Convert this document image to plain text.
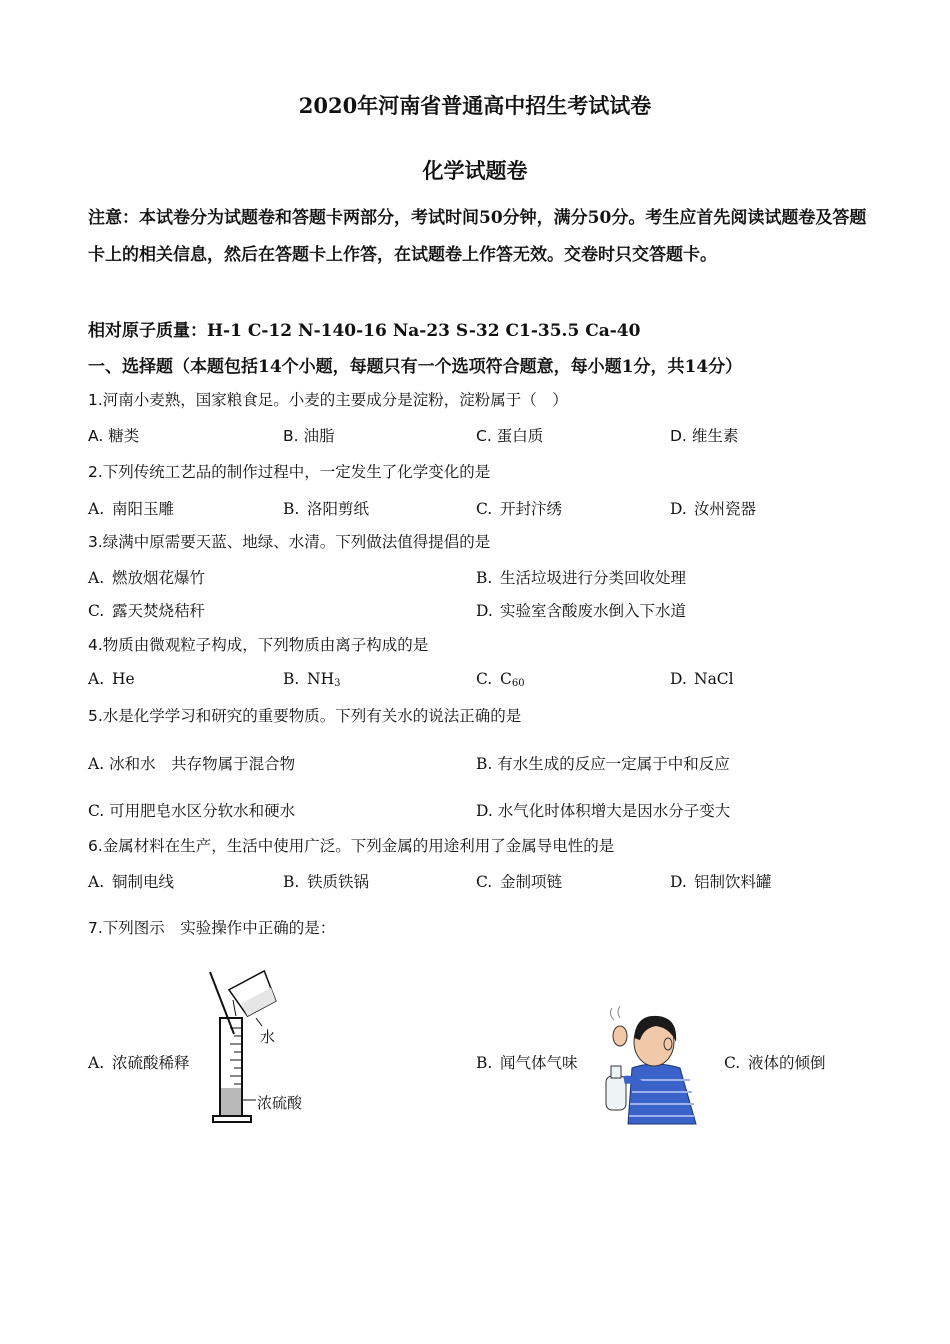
2020年河南省普通高中招生考试试卷
化学试题卷
注意：本试卷分为试题卷和答题卡两部分，考试时间50分钟，满分50分。考生应首先阅读试题卷及答题卡上的相关信息，然后在答题卡上作答，在试题卷上作答无效。交卷时只交答题卡。
相对原子质量：H-1 C-12 N-140-16 Na-23 S-32 C1-35.5 Ca-40
一、选择题（本题包括14个小题，每题只有一个选项符合题意，每小题1分，共14分）
1.河南小麦熟，国家粮食足。小麦的主要成分是淀粉，淀粉属于（　）
A. 糖类	B. 油脂	C. 蛋白质	D. 维生素
2.下列传统工艺品的制作过程中，一定发生了化学变化的是
A. 南阳玉雕	B. 洛阳剪纸	C. 开封汴绣	D. 汝州瓷器
3.绿满中原需要天蓝、地绿、水清。下列做法值得提倡的是
A. 燃放烟花爆竹	B. 生活垃圾进行分类回收处理
C. 露天焚烧秸秆	D. 实验室含酸废水倒入下水道
4.物质由微观粒子构成，下列物质由离子构成的是
A. He	B. $NH_3$	C. $C_{60}$	D. NaCl
5.水是化学学习和研究的重要物质。下列有关水的说法正确的是
A. 冰和水　共存物属于混合物	B. 有水生成的反应一定属于中和反应
C. 可用肥皂水区分软水和硬水	D. 水气化时体积增大是因水分子变大
6.金属材料在生产，生活中使用广泛。下列金属的用途利用了金属导电性的是
A. 铜制电线	B. 铁质铁锅	C. 金制项链	D. 铝制饮料罐
7.下列图示　实验操作中正确的是：
A. 浓硫酸稀释	B. 闻气体气味	C. 液体的倾倒
水
浓硫酸
